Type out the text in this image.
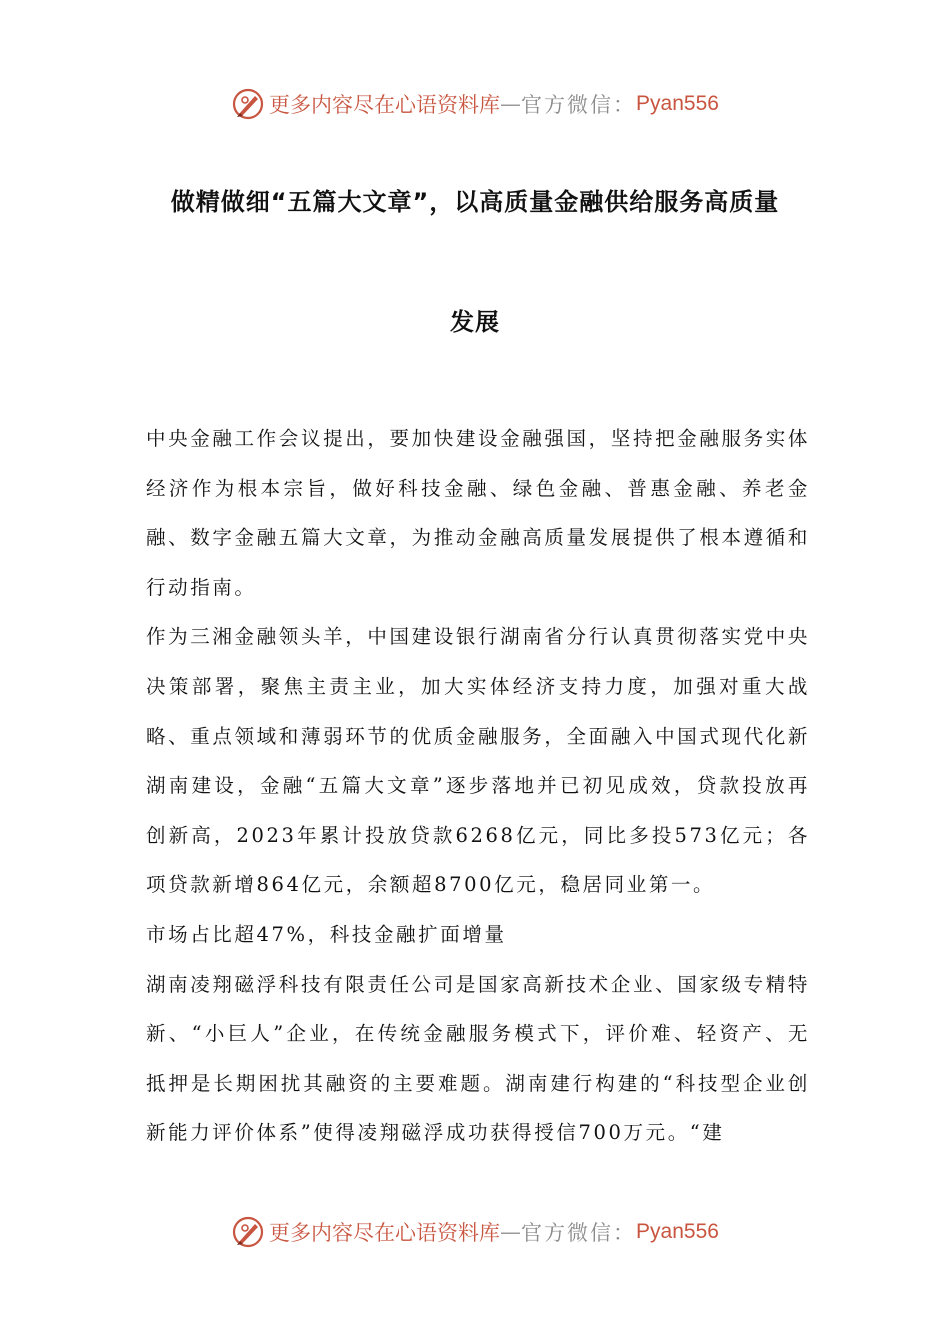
更多内容尽在心语资料库 — 官方微信： Pyan556
做精做细“五篇大文章”，以高质量金融供给服务高质量
发展

中央金融工作会议提出，要加快建设金融强国，坚持把金融服务实体经济作为根本宗旨，做好科技金融、绿色金融、普惠金融、养老金融、数字金融五篇大文章，为推动金融高质量发展提供了根本遵循和行动指南。

作为三湘金融领头羊，中国建设银行湖南省分行认真贯彻落实党中央决策部署，聚焦主责主业，加大实体经济支持力度，加强对重大战略、重点领域和薄弱环节的优质金融服务，全面融入中国式现代化新湖南建设，金融“五篇大文章”逐步落地并已初见成效，贷款投放再创新高，2023年累计投放贷款6268亿元，同比多投573亿元；各项贷款新增864亿元，余额超8700亿元，稳居同业第一。

市场占比超47%，科技金融扩面增量

湖南凌翔磁浮科技有限责任公司是国家高新技术企业、国家级专精特新、“小巨人”企业，在传统金融服务模式下，评价难、轻资产、无抵押是长期困扰其融资的主要难题。湖南建行构建的“科技型企业创新能力评价体系”使得凌翔磁浮成功获得授信700万元。“建

更多内容尽在心语资料库 — 官方微信： Pyan556
